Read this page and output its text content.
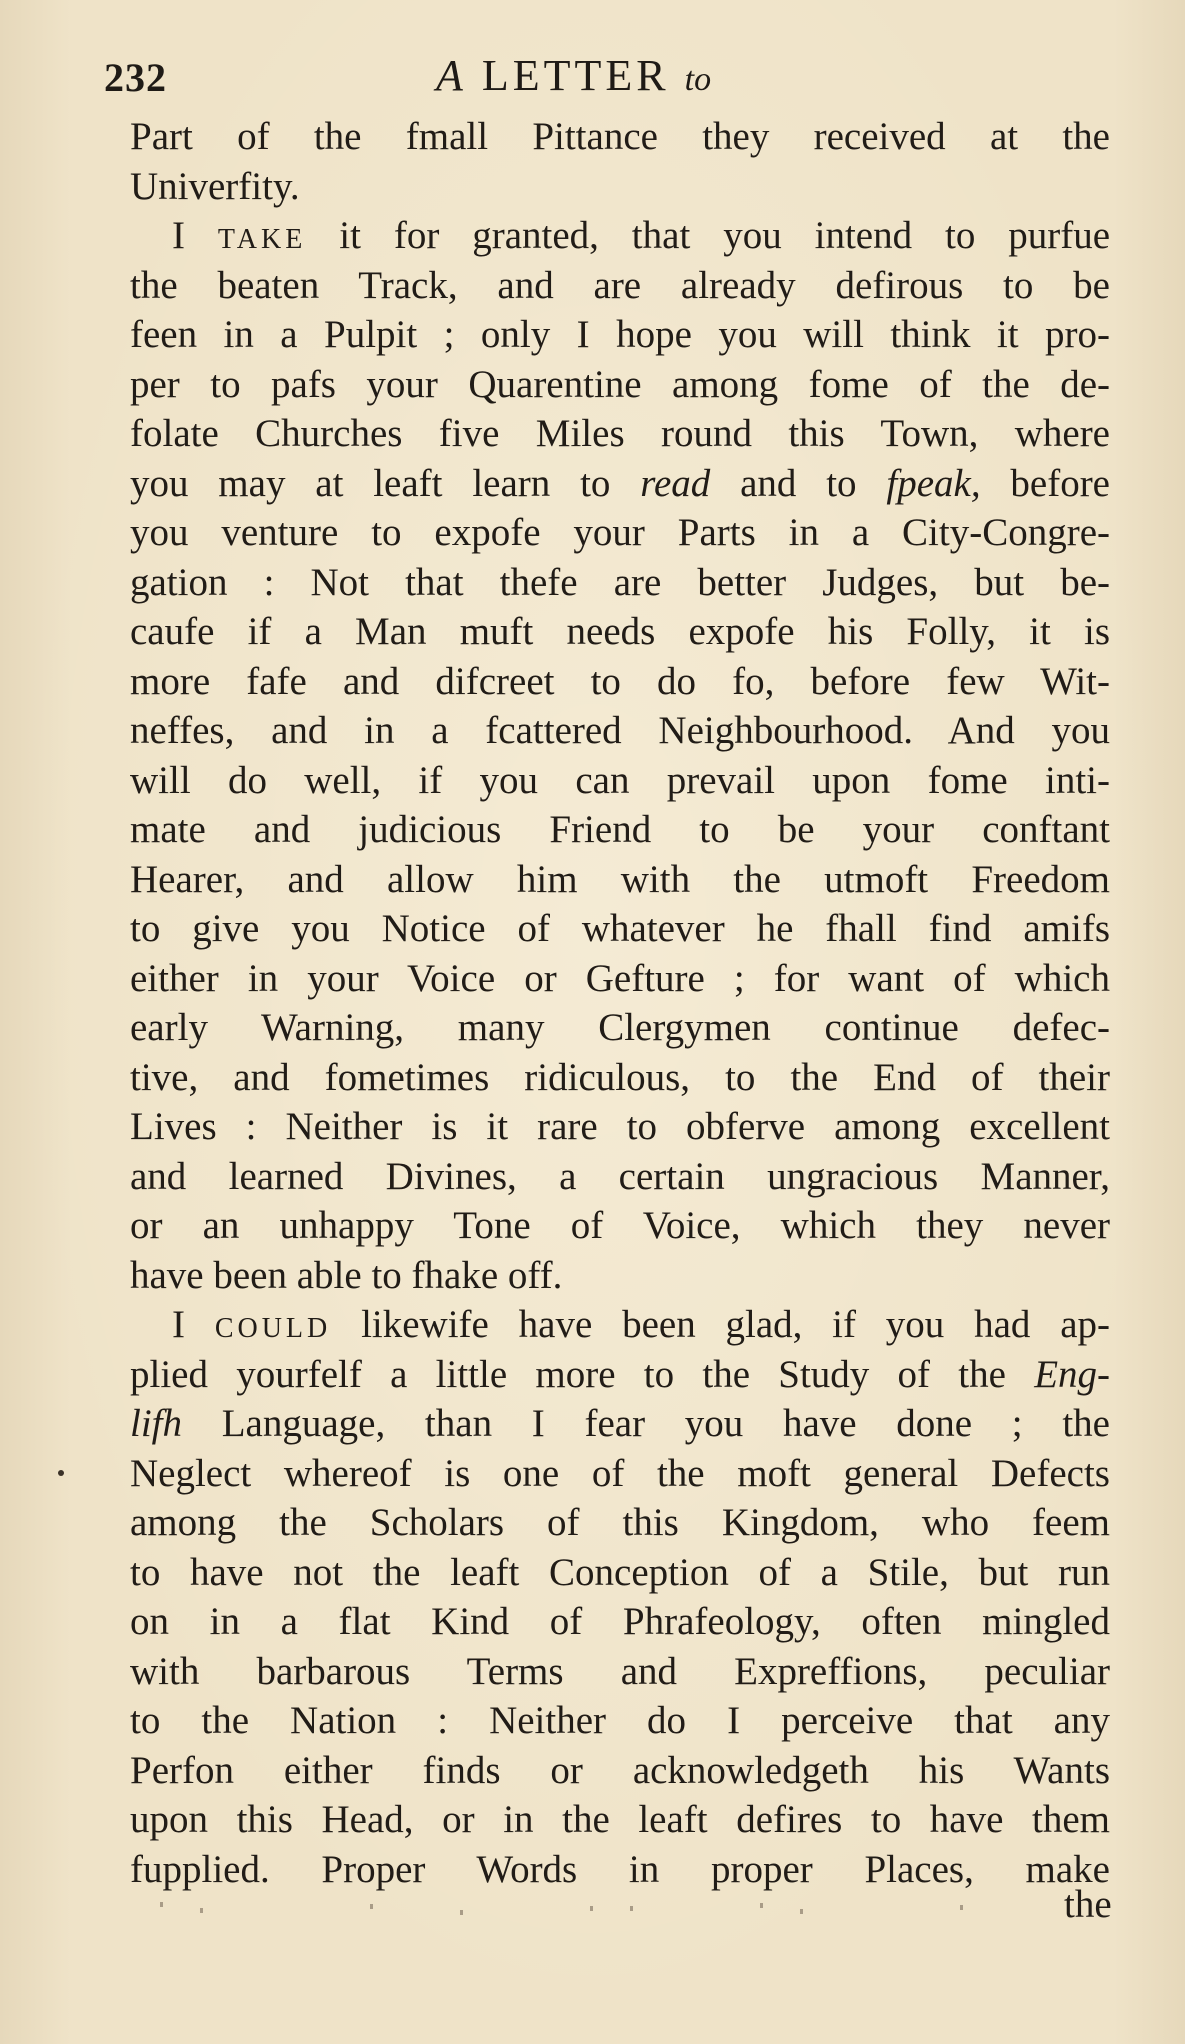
232	A LETTER to
Part of the fmall Pittance they received at the
Univerfity.
I TAKE it for granted, that you intend to purfue
the beaten Track, and are already defirous to be
feen in a Pulpit ; only I hope you will think it pro-
per to pafs your Quarentine among fome of the de-
folate Churches five Miles round this Town, where
you may at leaft learn to read and to fpeak, before
you venture to expofe your Parts in a City-Congre-
gation : Not that thefe are better Judges, but be-
caufe if a Man muft needs expofe his Folly, it is
more fafe and difcreet to do fo, before few Wit-
neffes, and in a fcattered Neighbourhood. And you
will do well, if you can prevail upon fome inti-
mate and judicious Friend to be your conftant
Hearer, and allow him with the utmoft Freedom
to give you Notice of whatever he fhall find amifs
either in your Voice or Gefture ; for want of which
early Warning, many Clergymen continue defec-
tive, and fometimes ridiculous, to the End of their
Lives : Neither is it rare to obferve among excellent
and learned Divines, a certain ungracious Manner,
or an unhappy Tone of Voice, which they never
have been able to fhake off.
I COULD likewife have been glad, if you had ap-
plied yourfelf a little more to the Study of the Eng-
lifh Language, than I fear you have done ; the
Neglect whereof is one of the moft general Defects
among the Scholars of this Kingdom, who feem
to have not the leaft Conception of a Stile, but run
on in a flat Kind of Phrafeology, often mingled
with barbarous Terms and Expreffions, peculiar
to the Nation : Neither do I perceive that any
Perfon either finds or acknowledgeth his Wants
upon this Head, or in the leaft defires to have them
fupplied. Proper Words in proper Places, make
the
